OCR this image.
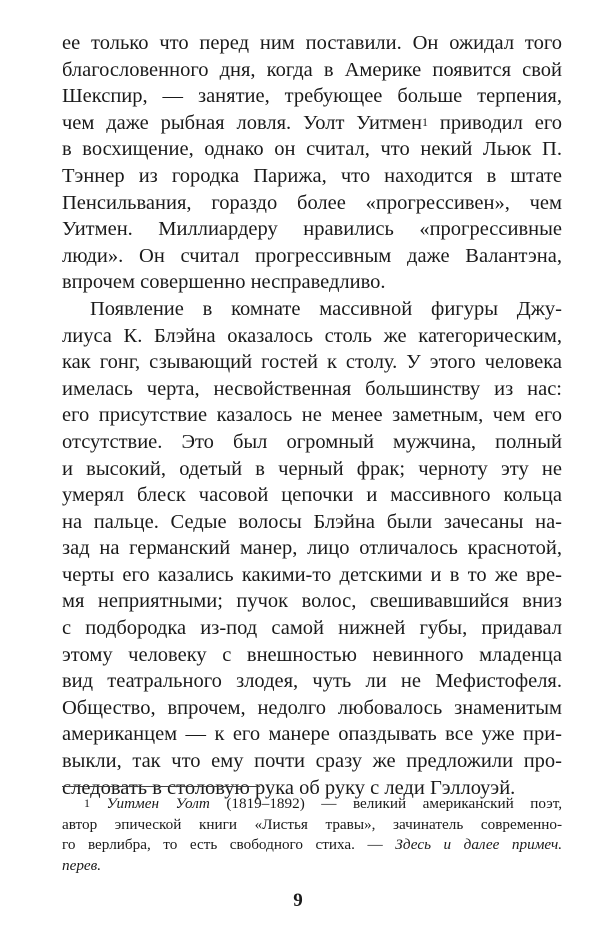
ее только что перед ним поставили. Он ожидал того
благословенного дня, когда в Америке появится свой
Шекспир, — занятие, требующее больше терпения,
чем даже рыбная ловля. Уолт Уитмен$^1$ приводил его
в восхищение, однако он считал, что некий Льюк П.
Тэннер из городка Парижа, что находится в штате
Пенсильвания, гораздо более «прогрессивен», чем
Уитмен. Миллиардеру нравились «прогрессивные
люди». Он считал прогрессивным даже Валантэна,
впрочем совершенно несправедливо.
Появление в комнате массивной фигуры Джу-
лиуса К. Блэйна оказалось столь же категорическим,
как гонг, сзывающий гостей к столу. У этого человека
имелась черта, несвойственная большинству из нас:
его присутствие казалось не менее заметным, чем его
отсутствие. Это был огромный мужчина, полный
и высокий, одетый в черный фрак; черноту эту не
умерял блеск часовой цепочки и массивного кольца
на пальце. Седые волосы Блэйна были зачесаны на-
зад на германский манер, лицо отличалось краснотой,
черты его казались какими-то детскими и в то же вре-
мя неприятными; пучок волос, свешивавшийся вниз
с подбородка из-под самой нижней губы, придавал
этому человеку с внешностью невинного младенца
вид театрального злодея, чуть ли не Мефистофеля.
Общество, впрочем, недолго любовалось знаменитым
американцем — к его манере опаздывать все уже при-
выкли, так что ему почти сразу же предложили про-
следовать в столовую рука об руку с леди Гэллоуэй.
$^1$ Уитмен Уолт (1819–1892) — великий американский поэт,
автор эпической книги «Листья травы», зачинатель современно-
го верлибра, то есть свободного стиха. — Здесь и далее примеч.
перев.
9
